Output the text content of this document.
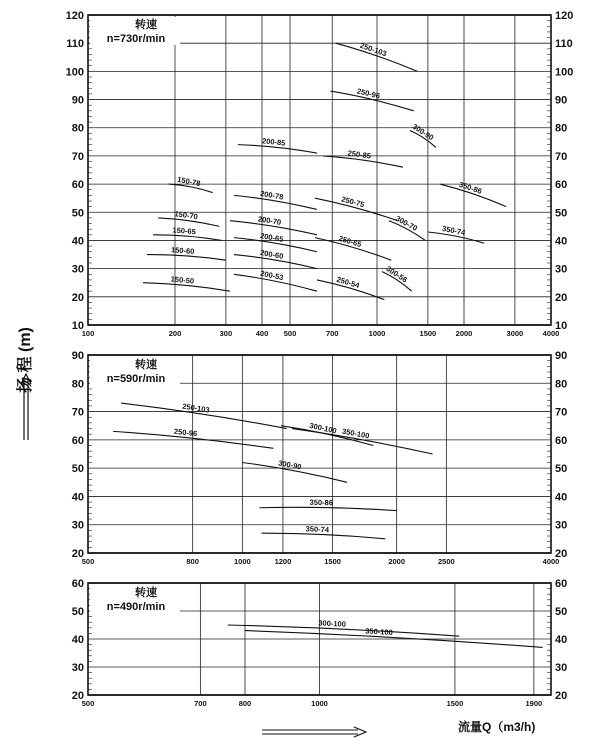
10	10
20	20
30	30
40	40
50	50
60	60
70	70
80	80
90	90
100	100
110	110
120	120
100	200	300	400 500	700	1000	1500	2000	3000	4000
转速
n=730r/min
150-78
150-70
150-65
150-60
150-50
200-85
200-78
200-70
200-65
200-60
200-53
250-103
250-96
250-85
250-75
250-65
250-54
300-90
300-70
300-56
350-86
350-74
20	20
30	30
40	40
50	50
60	60
70	70
80	80
90	90
500	800	1000	1200	1500	2000	2500	4000
转速
n=590r/min
250-103
250-96	300-100
300-90
350-100
350-86
350-74
20	20
30	30
40	40
50	50
60	60
500	700	800	1000	1500	1900
转速
n=490r/min
300-100
350-100
扬 程 (m)
流量Q（m3/h)
